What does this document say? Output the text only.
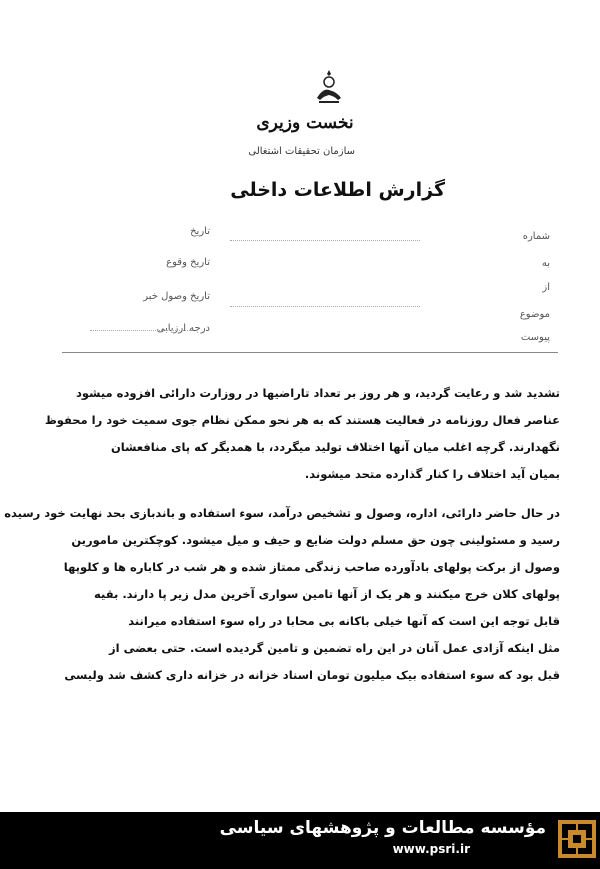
نخست وزیری
سازمان تحقیقات اشتغالی
گزارش اطلاعات داخلی
شماره
به
از
موضوع
پیوست
تاریخ
تاریخ وقوع
تاریخ وصول خبر
درجه ارزیابی
تشدید شد و رعایت گردید، و هر روز بر تعداد تاراضیها در روزارت دارائی افزوده میشود
عناصر فعال روزنامه در فعالیت هستند که به هر نحو ممکن نظام جوی سمیت خود را محفوظ
نگهدارند. گرچه اغلب میان آنها اختلاف تولید میگردد، با همدیگر که پای منافعشان
بمیان آید اختلاف را کنار گذارده متحد میشوند.
در حال حاضر دارائی، اداره، وصول و تشخیص درآمد، سوء استفاده و باندبازی بحد نهایت خود رسیده
رسید و مسئولینی چون حق مسلم دولت ضایع و حیف و میل میشود. کوچکترین مامورین
وصول از برکت پولهای بادآورده صاحب زندگی ممتاز شده و هر شب در کاباره ها و کلوپها
پولهای کلان خرج میکنند و هر یک از آنها تامین سواری آخرین مدل زیر پا دارند. بقیه
قابل توجه این است که آنها خیلی باکانه بی محابا در راه سوء استفاده میرانند
مثل اینکه آزادی عمل آنان در این راه تضمین و تامین گردیده است. حتی بعضی از
قبل بود که سوء استفاده بیک میلیون تومان اسناد خزانه در خزانه داری کشف شد ولیسی
مؤسسه مطالعات و پژوهشهای سیاسی
www.psri.ir
